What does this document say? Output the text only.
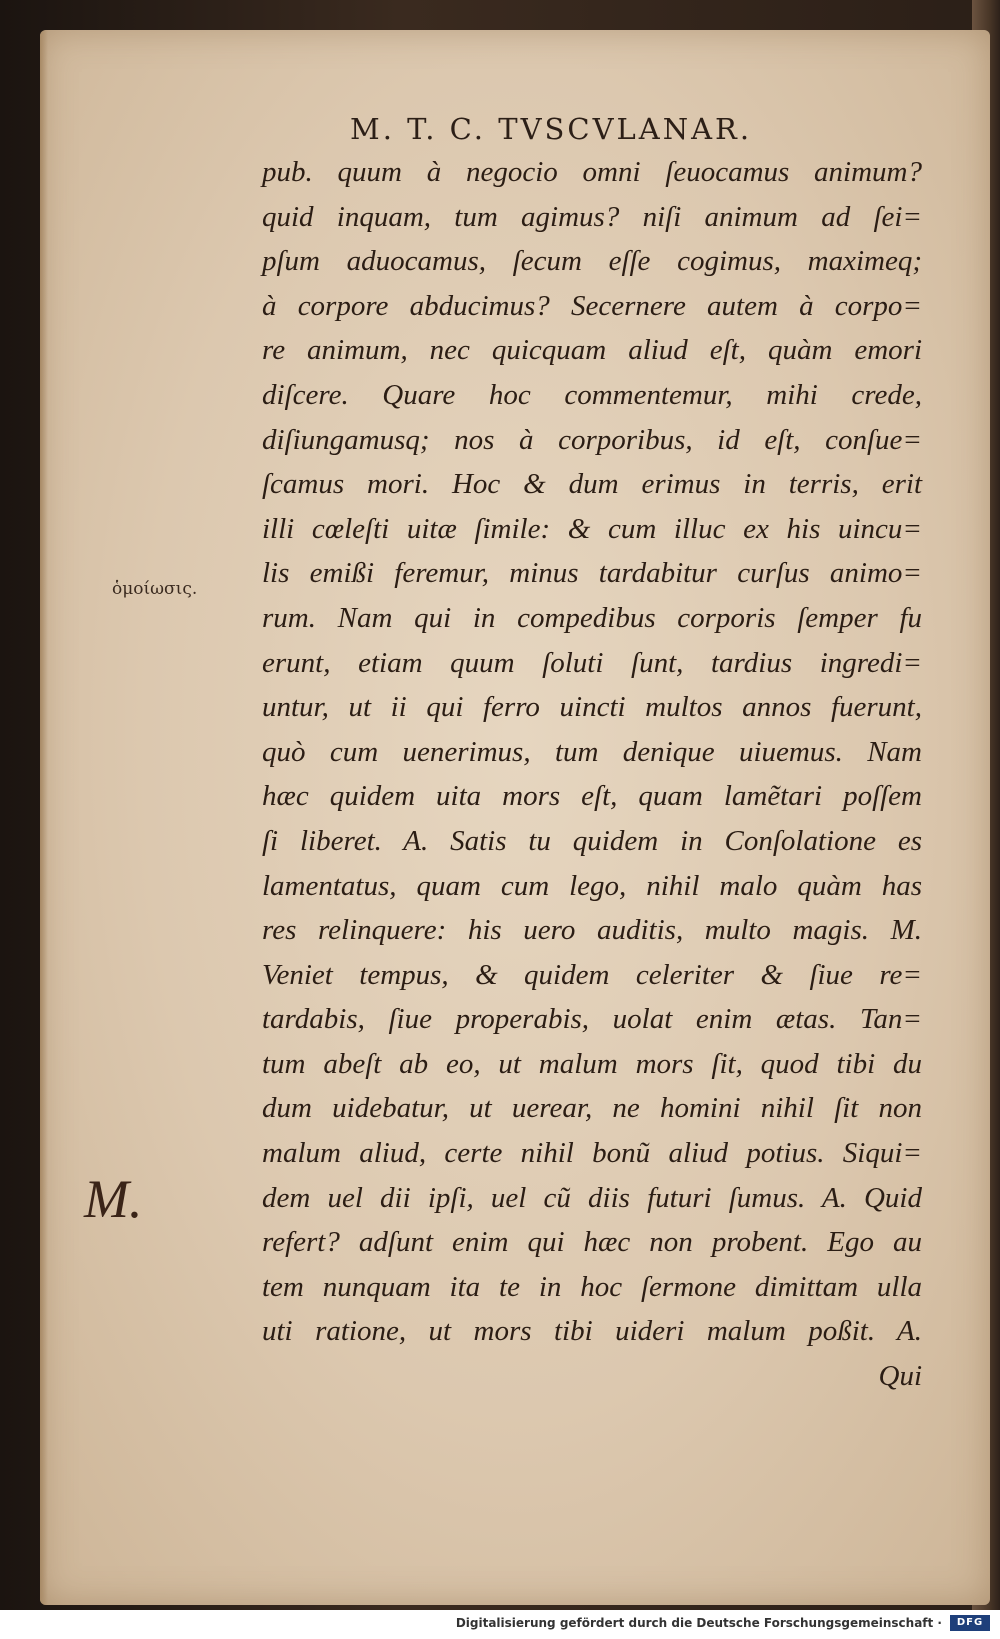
M. T. C. TVSCVLANAR.
pub. quum à negocio omni ſeuocamus animum?
quid inquam, tum agimus? niſi animum ad ſei=
pſum aduocamus, ſecum eſſe cogimus, maximeq;
à corpore abducimus? Secernere autem à corpo=
re animum, nec quicquam aliud eſt, quàm emori
diſcere. Quare hoc commentemur, mihi crede,
diſiungamusq; nos à corporibus, id eſt, conſue=
ſcamus mori. Hoc & dum erimus in terris, erit
illi cœleſti uitæ ſimile: & cum illuc ex his uincu=
lis emißi feremur, minus tardabitur curſus animo=
rum. Nam qui in compedibus corporis ſemper fu
erunt, etiam quum ſoluti ſunt, tardius ingredi=
untur, ut ii qui ferro uincti multos annos fuerunt,
quò cum uenerimus, tum denique uiuemus. Nam
hæc quidem uita mors eſt, quam lamẽtari poſſem
ſi liberet. A. Satis tu quidem in Conſolatione es
lamentatus, quam cum lego, nihil malo quàm has
res relinquere: his uero auditis, multo magis. M.
Veniet tempus, & quidem celeriter & ſiue re=
tardabis, ſiue properabis, uolat enim ætas. Tan=
tum abeſt ab eo, ut malum mors ſit, quod tibi du
dum uidebatur, ut uerear, ne homini nihil ſit non
malum aliud, certe nihil bonũ aliud potius. Siqui=
dem uel dii ipſi, uel cũ diis futuri ſumus. A. Quid
refert? adſunt enim qui hæc non probent. Ego au
tem nunquam ita te in hoc ſermone dimittam ulla
uti ratione, ut mors tibi uideri malum poßit. A.
Qui
ὁμοίωσις.
M.
Digitalisierung gefördert durch die Deutsche Forschungsgemeinschaft ·	DFG
